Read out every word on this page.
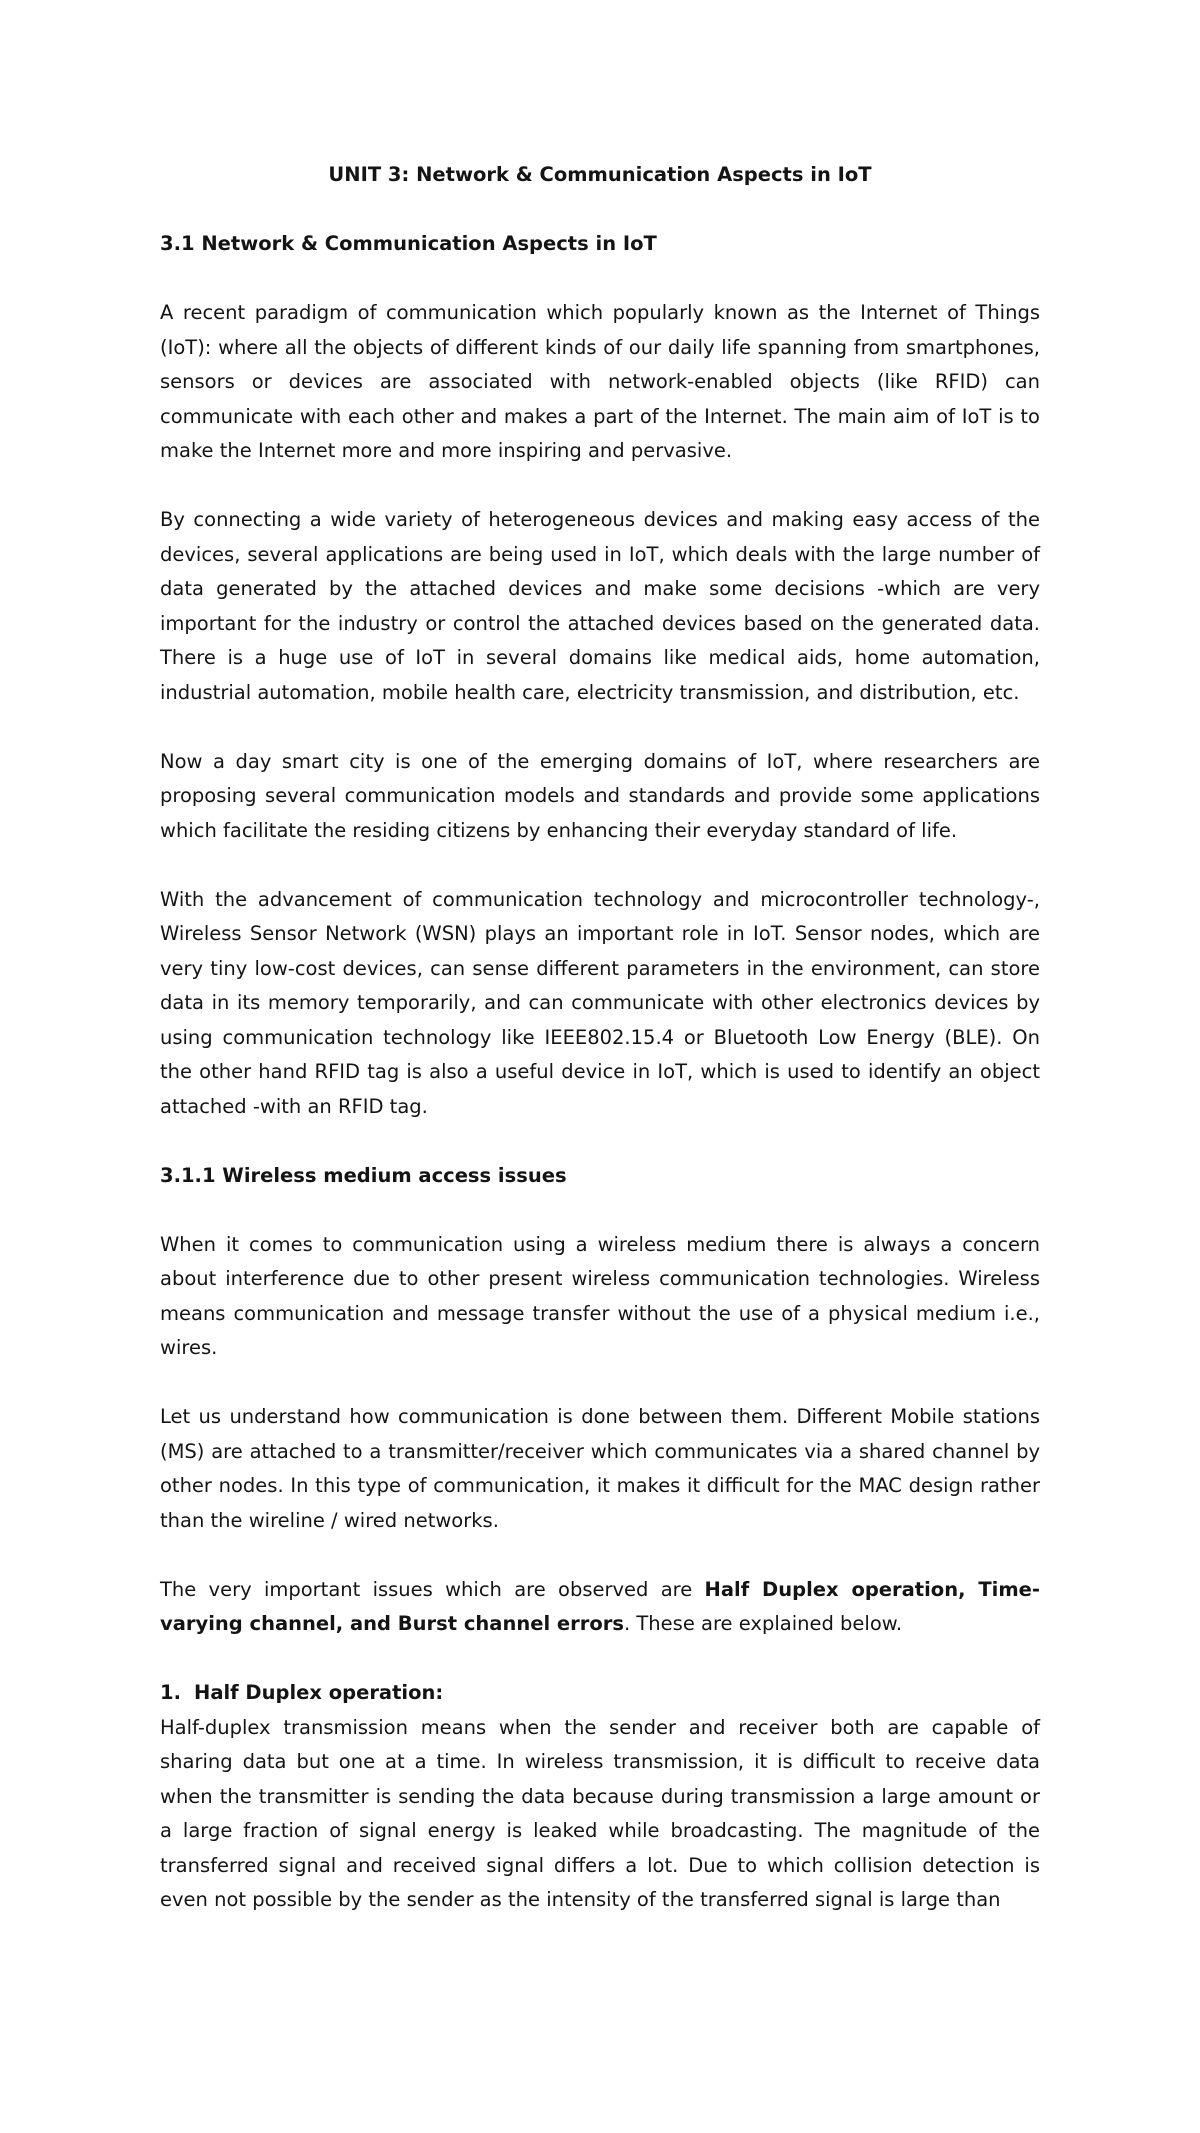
UNIT 3: Network & Communication Aspects in IoT

3.1 Network & Communication Aspects in IoT

A recent paradigm of communication which popularly known as the Internet of Things (IoT): where all the objects of different kinds of our daily life spanning from smartphones, sensors or devices are associated with network-enabled objects (like RFID) can communicate with each other and makes a part of the Internet. The main aim of IoT is to make the Internet more and more inspiring and pervasive.

By connecting a wide variety of heterogeneous devices and making easy access of the devices, several applications are being used in IoT, which deals with the large number of data generated by the attached devices and make some decisions -which are very important for the industry or control the attached devices based on the generated data. There is a huge use of IoT in several domains like medical aids, home automation, industrial automation, mobile health care, electricity transmission, and distribution, etc.

Now a day smart city is one of the emerging domains of IoT, where researchers are proposing several communication models and standards and provide some applications which facilitate the residing citizens by enhancing their everyday standard of life.

With the advancement of communication technology and microcontroller technology-, Wireless Sensor Network (WSN) plays an important role in IoT. Sensor nodes, which are very tiny low-cost devices, can sense different parameters in the environment, can store data in its memory temporarily, and can communicate with other electronics devices by using communication technology like IEEE802.15.4 or Bluetooth Low Energy (BLE). On the other hand RFID tag is also a useful device in IoT, which is used to identify an object attached -with an RFID tag.

3.1.1 Wireless medium access issues

When it comes to communication using a wireless medium there is always a concern about interference due to other present wireless communication technologies. Wireless means communication and message transfer without the use of a physical medium i.e., wires.

Let us understand how communication is done between them. Different Mobile stations (MS) are attached to a transmitter/receiver which communicates via a shared channel by other nodes. In this type of communication, it makes it difficult for the MAC design rather than the wireline / wired networks.

The very important issues which are observed are Half Duplex operation, Time-varying channel, and Burst channel errors. These are explained below.

1. Half Duplex operation:

Half-duplex transmission means when the sender and receiver both are capable of sharing data but one at a time. In wireless transmission, it is difficult to receive data when the transmitter is sending the data because during transmission a large amount or a large fraction of signal energy is leaked while broadcasting. The magnitude of the transferred signal and received signal differs a lot. Due to which collision detection is even not possible by the sender as the intensity of the transferred signal is large than
